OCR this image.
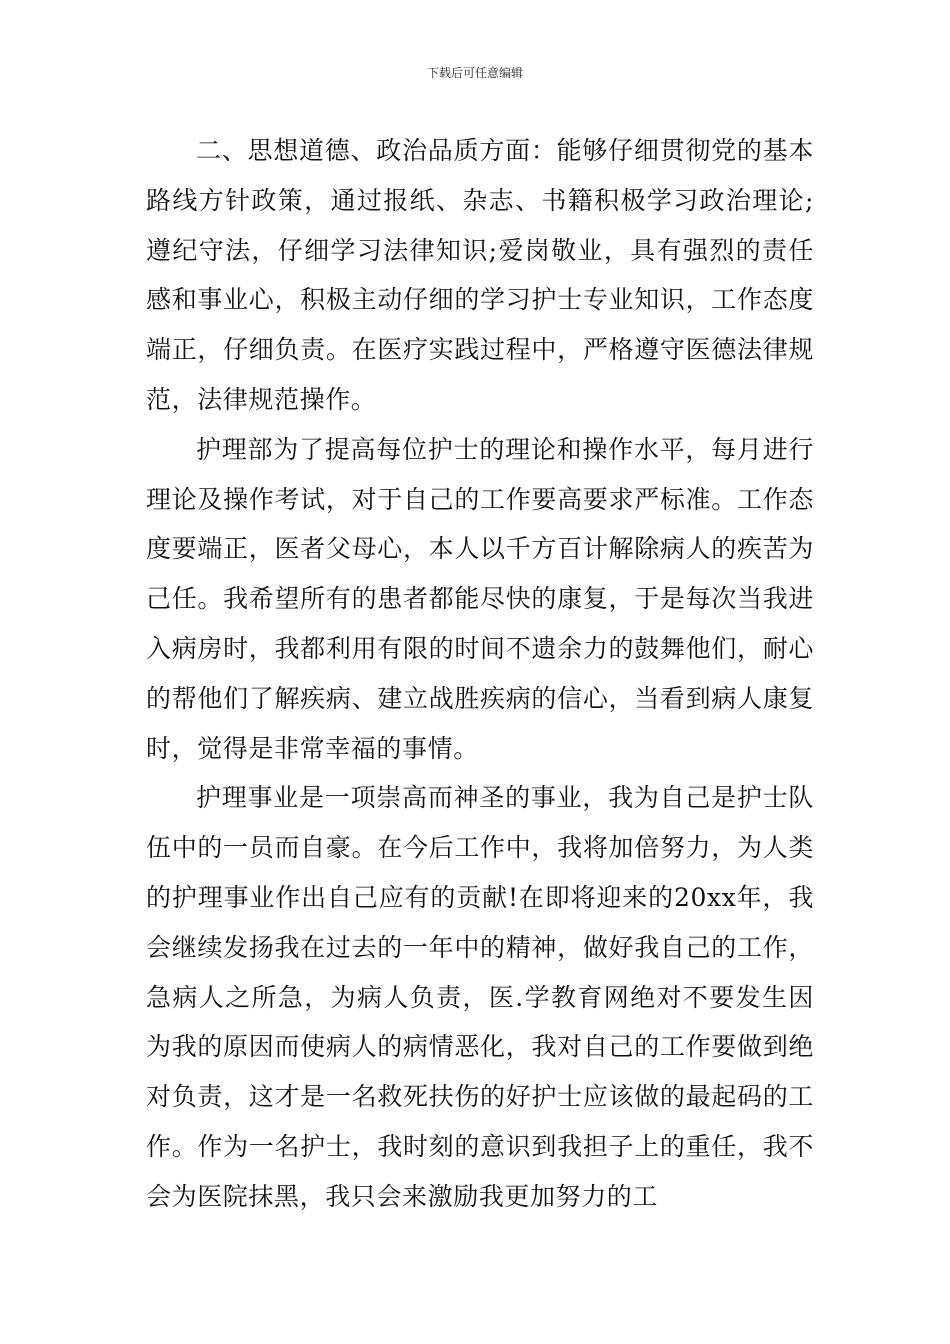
下载后可任意编辑

二、思想道德、政治品质方面：能够仔细贯彻党的基本路线方针政策，通过报纸、杂志、书籍积极学习政治理论;遵纪守法，仔细学习法律知识;爱岗敬业，具有强烈的责任感和事业心，积极主动仔细的学习护士专业知识，工作态度端正，仔细负责。在医疗实践过程中，严格遵守医德法律规范，法律规范操作。

护理部为了提高每位护士的理论和操作水平，每月进行理论及操作考试，对于自己的工作要高要求严标准。工作态度要端正，医者父母心，本人以千方百计解除病人的疾苦为己任。我希望所有的患者都能尽快的康复，于是每次当我进入病房时，我都利用有限的时间不遗余力的鼓舞他们，耐心的帮他们了解疾病、建立战胜疾病的信心，当看到病人康复时，觉得是非常幸福的事情。

护理事业是一项崇高而神圣的事业，我为自己是护士队伍中的一员而自豪。在今后工作中，我将加倍努力，为人类的护理事业作出自己应有的贡献!在即将迎来的20xx年，我会继续发扬我在过去的一年中的精神，做好我自己的工作，急病人之所急，为病人负责，医.学教育网绝对不要发生因为我的原因而使病人的病情恶化，我对自己的工作要做到绝对负责，这才是一名救死扶伤的好护士应该做的最起码的工作。作为一名护士，我时刻的意识到我担子上的重任，我不会为医院抹黑，我只会来激励我更加努力的工
